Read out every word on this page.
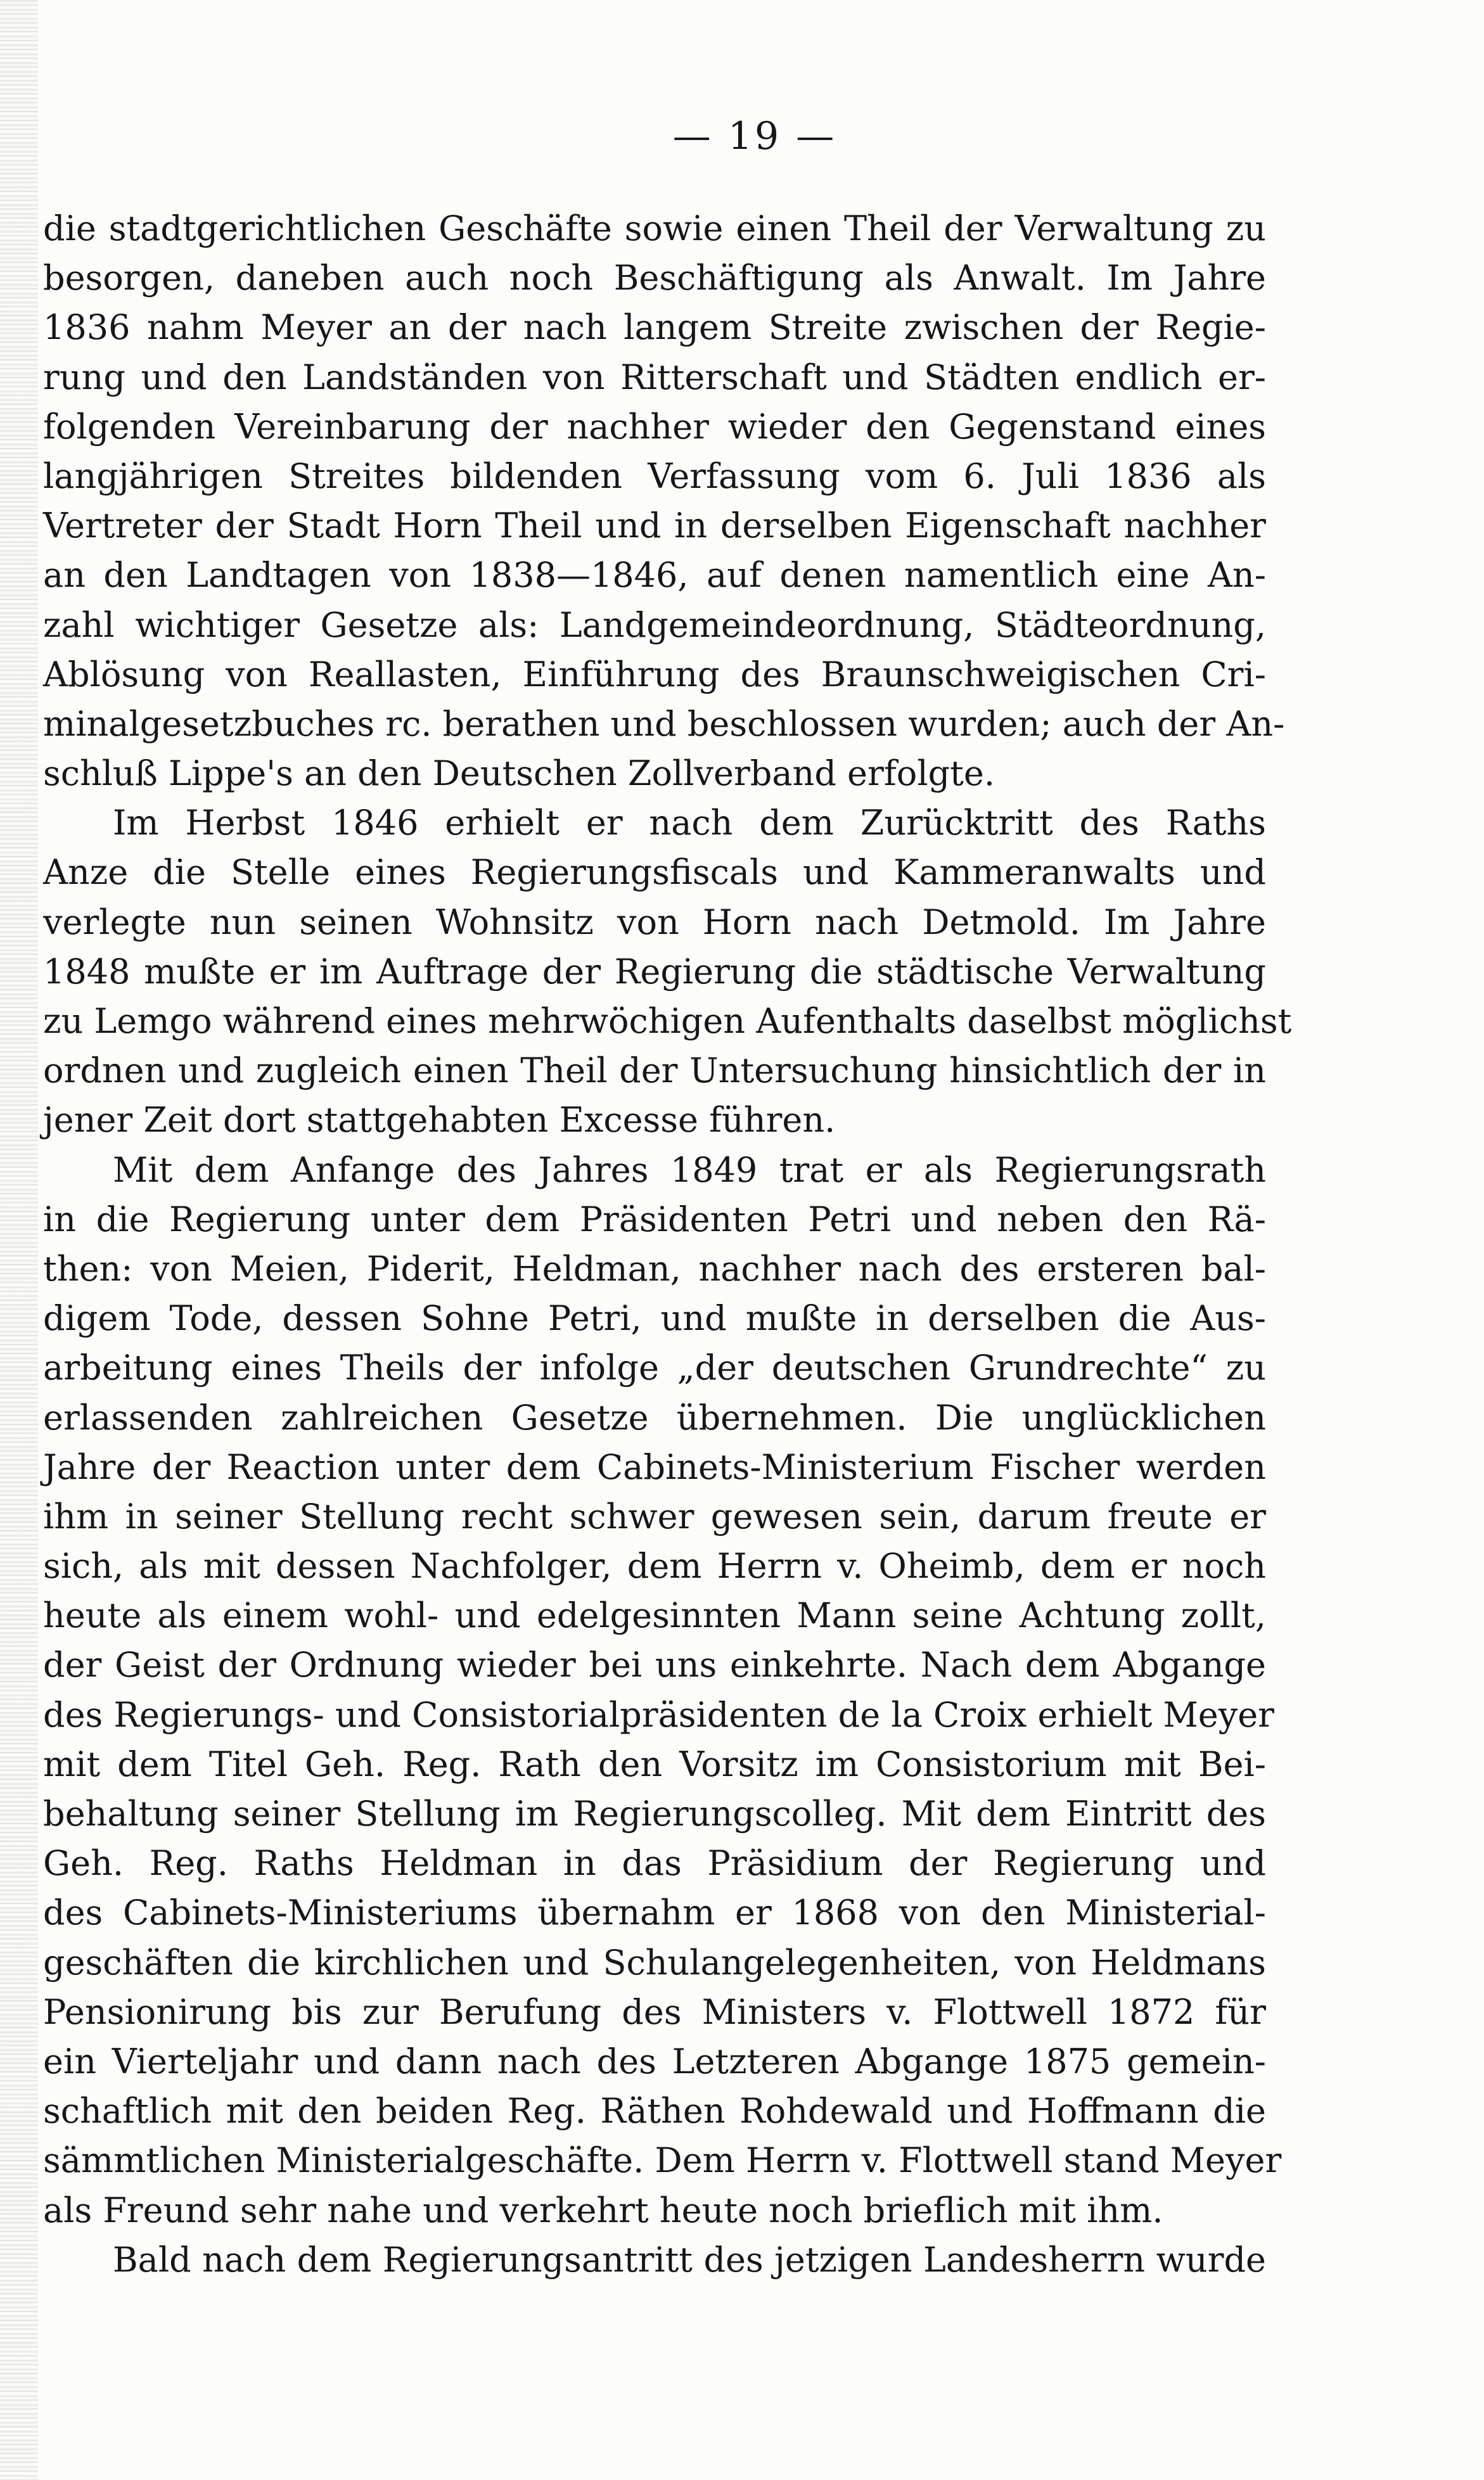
— 19 —
die stadtgerichtlichen Geschäfte sowie einen Theil der Verwaltung zu
besorgen, daneben auch noch Beschäftigung als Anwalt. Im Jahre
1836 nahm Meyer an der nach langem Streite zwischen der Regie-
rung und den Landständen von Ritterschaft und Städten endlich er-
folgenden Vereinbarung der nachher wieder den Gegenstand eines
langjährigen Streites bildenden Verfassung vom 6. Juli 1836 als
Vertreter der Stadt Horn Theil und in derselben Eigenschaft nachher
an den Landtagen von 1838—1846, auf denen namentlich eine An-
zahl wichtiger Gesetze als: Landgemeindeordnung, Städteordnung,
Ablösung von Reallasten, Einführung des Braunschweigischen Cri-
minalgesetzbuches rc. berathen und beschlossen wurden; auch der An-
schluß Lippe's an den Deutschen Zollverband erfolgte.
Im Herbst 1846 erhielt er nach dem Zurücktritt des Raths
Anze die Stelle eines Regierungsfiscals und Kammeranwalts und
verlegte nun seinen Wohnsitz von Horn nach Detmold. Im Jahre
1848 mußte er im Auftrage der Regierung die städtische Verwaltung
zu Lemgo während eines mehrwöchigen Aufenthalts daselbst möglichst
ordnen und zugleich einen Theil der Untersuchung hinsichtlich der in
jener Zeit dort stattgehabten Excesse führen.
Mit dem Anfange des Jahres 1849 trat er als Regierungsrath
in die Regierung unter dem Präsidenten Petri und neben den Rä-
then: von Meien, Piderit, Heldman, nachher nach des ersteren bal-
digem Tode, dessen Sohne Petri, und mußte in derselben die Aus-
arbeitung eines Theils der infolge „der deutschen Grundrechte“ zu
erlassenden zahlreichen Gesetze übernehmen. Die unglücklichen
Jahre der Reaction unter dem Cabinets-Ministerium Fischer werden
ihm in seiner Stellung recht schwer gewesen sein, darum freute er
sich, als mit dessen Nachfolger, dem Herrn v. Oheimb, dem er noch
heute als einem wohl- und edelgesinnten Mann seine Achtung zollt,
der Geist der Ordnung wieder bei uns einkehrte. Nach dem Abgange
des Regierungs- und Consistorialpräsidenten de la Croix erhielt Meyer
mit dem Titel Geh. Reg. Rath den Vorsitz im Consistorium mit Bei-
behaltung seiner Stellung im Regierungscolleg. Mit dem Eintritt des
Geh. Reg. Raths Heldman in das Präsidium der Regierung und
des Cabinets-Ministeriums übernahm er 1868 von den Ministerial-
geschäften die kirchlichen und Schulangelegenheiten, von Heldmans
Pensionirung bis zur Berufung des Ministers v. Flottwell 1872 für
ein Vierteljahr und dann nach des Letzteren Abgange 1875 gemein-
schaftlich mit den beiden Reg. Räthen Rohdewald und Hoffmann die
sämmtlichen Ministerialgeschäfte. Dem Herrn v. Flottwell stand Meyer
als Freund sehr nahe und verkehrt heute noch brieflich mit ihm.
Bald nach dem Regierungsantritt des jetzigen Landesherrn wurde
